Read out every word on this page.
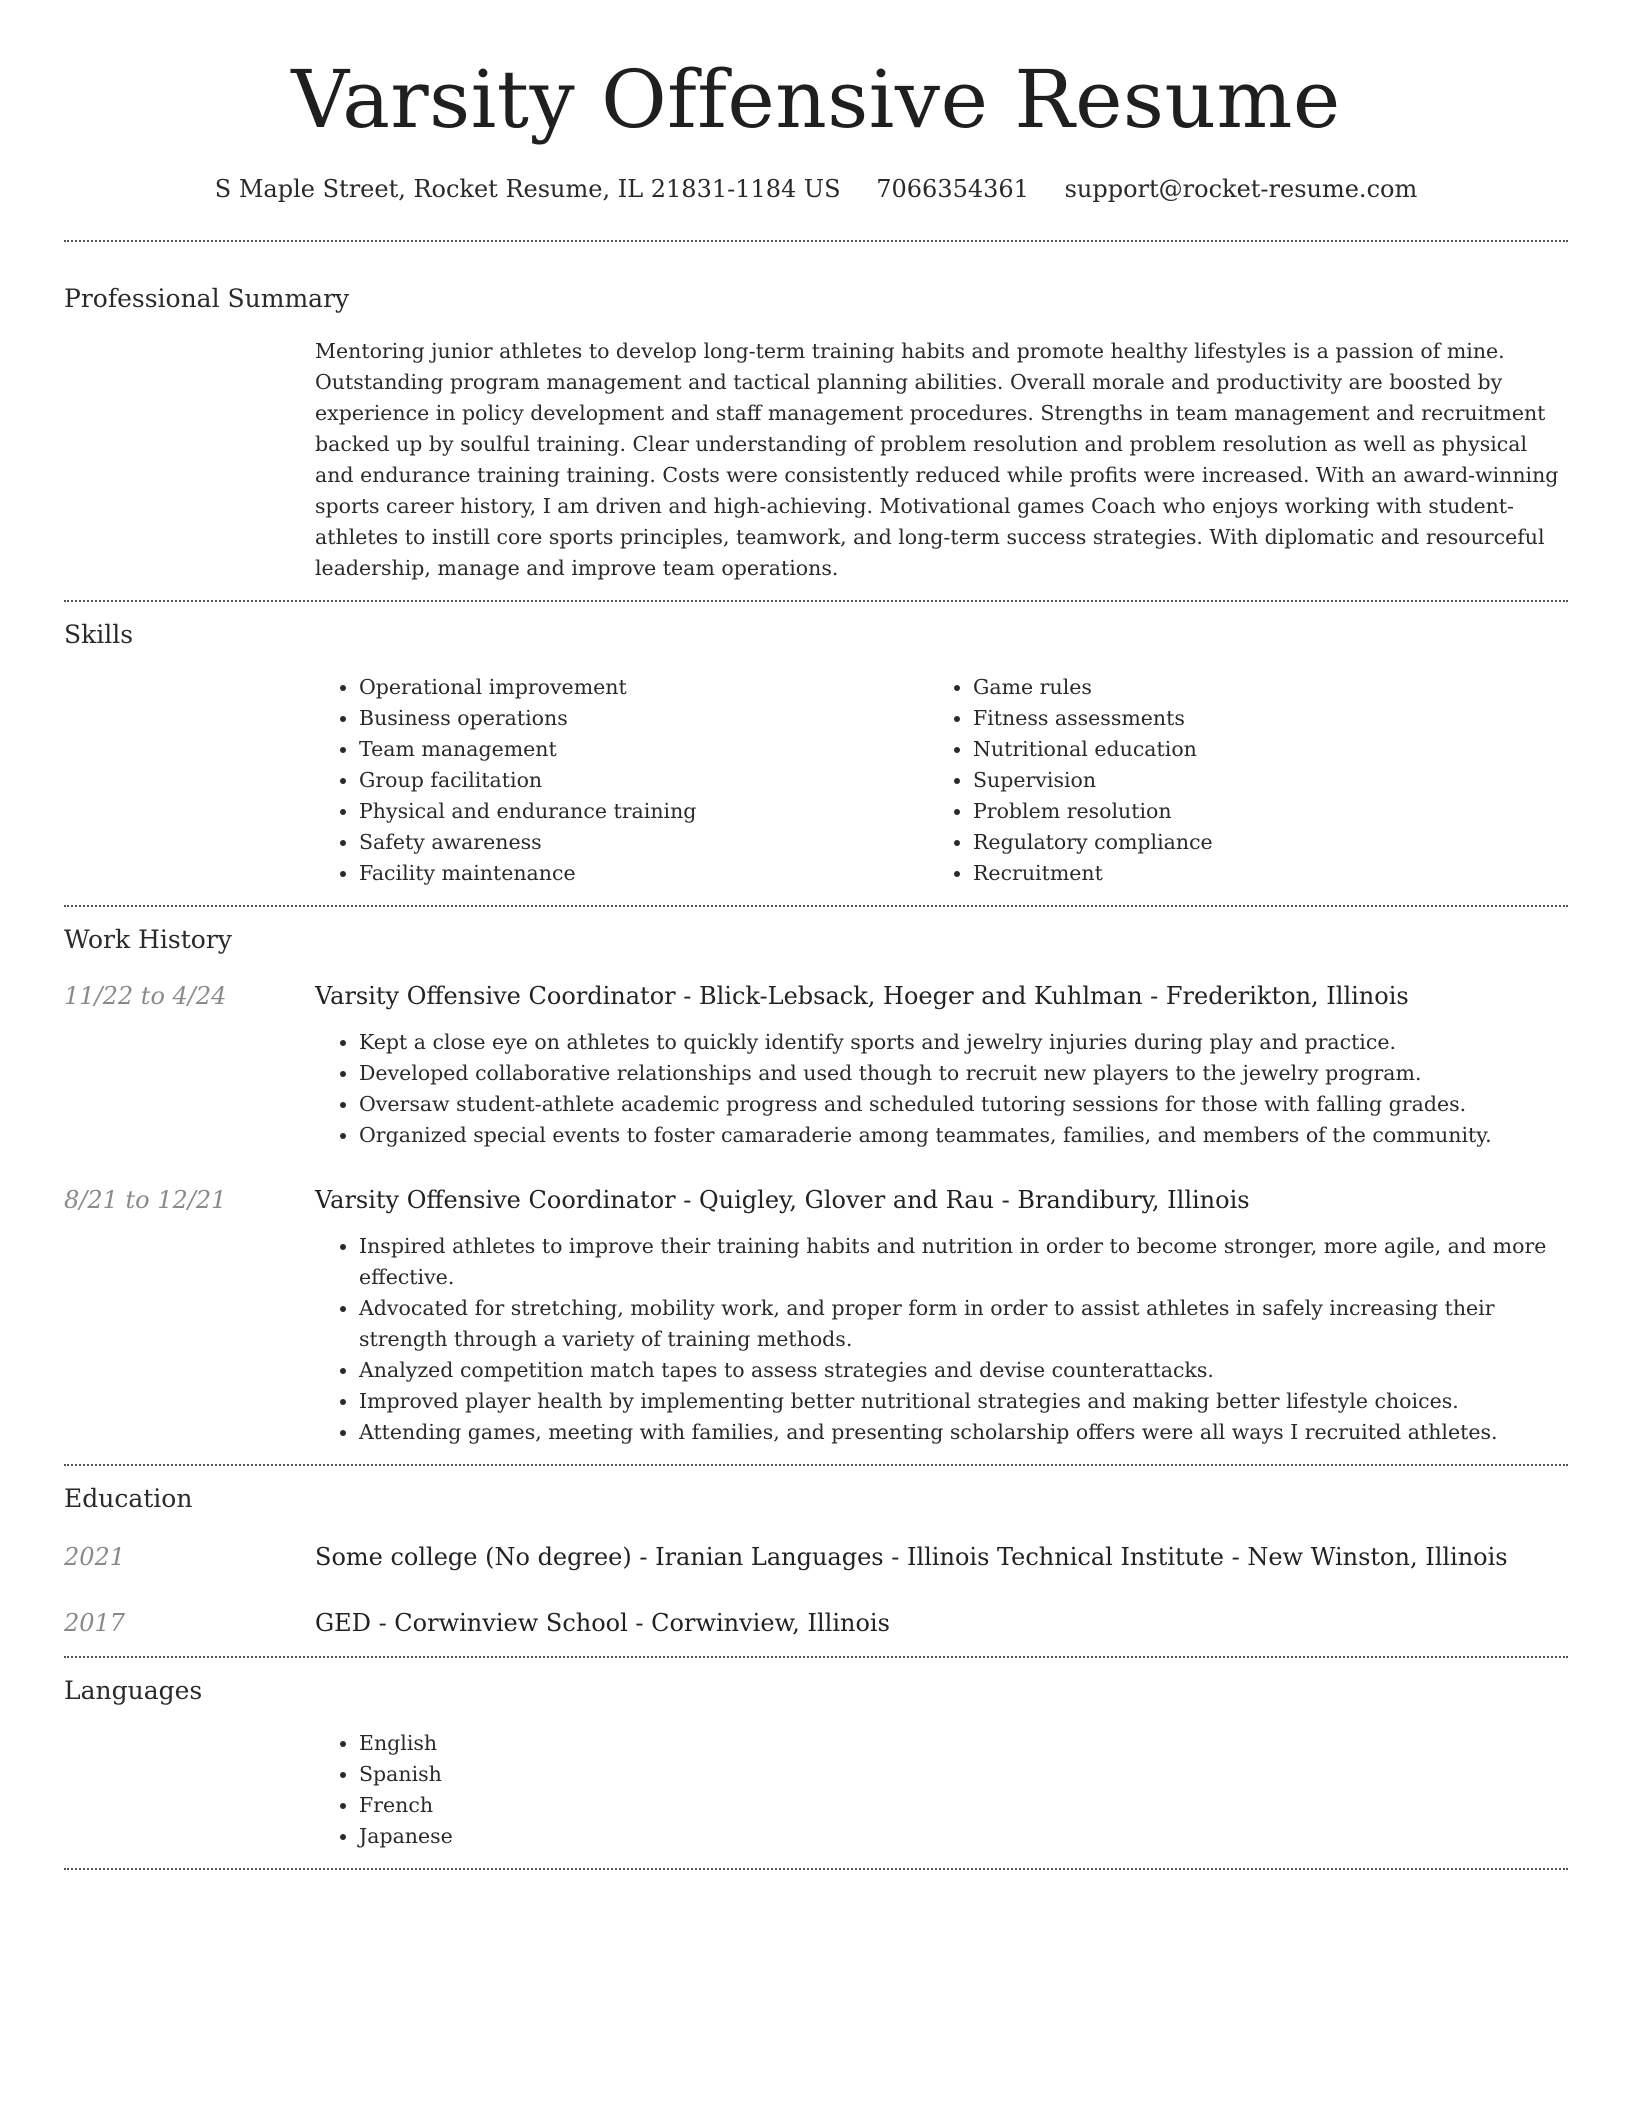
Varsity Offensive Resume
S Maple Street, Rocket Resume, IL 21831-1184 US 7066354361 support@rocket-resume.com
Professional Summary
Mentoring junior athletes to develop long-term training habits and promote healthy lifestyles is a passion of mine. Outstanding program management and tactical planning abilities. Overall morale and productivity are boosted by experience in policy development and staff management procedures. Strengths in team management and recruitment backed up by soulful training. Clear understanding of problem resolution and problem resolution as well as physical and endurance training training. Costs were consistently reduced while profits were increased. With an award-winning sports career history, I am driven and high-achieving. Motivational games Coach who enjoys working with student-athletes to instill core sports principles, teamwork, and long-term success strategies. With diplomatic and resourceful leadership, manage and improve team operations.
Skills
• Operational improvement
• Business operations
• Team management
• Group facilitation
• Physical and endurance training
• Safety awareness
• Facility maintenance
• Game rules
• Fitness assessments
• Nutritional education
• Supervision
• Problem resolution
• Regulatory compliance
• Recruitment
Work History
11/22 to 4/24	Varsity Offensive Coordinator - Blick-Lebsack, Hoeger and Kuhlman - Frederikton, Illinois
• Kept a close eye on athletes to quickly identify sports and jewelry injuries during play and practice.
• Developed collaborative relationships and used though to recruit new players to the jewelry program.
• Oversaw student-athlete academic progress and scheduled tutoring sessions for those with falling grades.
• Organized special events to foster camaraderie among teammates, families, and members of the community.
8/21 to 12/21	Varsity Offensive Coordinator - Quigley, Glover and Rau - Brandibury, Illinois
• Inspired athletes to improve their training habits and nutrition in order to become stronger, more agile, and more effective.
• Advocated for stretching, mobility work, and proper form in order to assist athletes in safely increasing their strength through a variety of training methods.
• Analyzed competition match tapes to assess strategies and devise counterattacks.
• Improved player health by implementing better nutritional strategies and making better lifestyle choices.
• Attending games, meeting with families, and presenting scholarship offers were all ways I recruited athletes.
Education
2021	Some college (No degree) - Iranian Languages - Illinois Technical Institute - New Winston, Illinois
2017	GED - Corwinview School - Corwinview, Illinois
Languages
• English
• Spanish
• French
• Japanese
